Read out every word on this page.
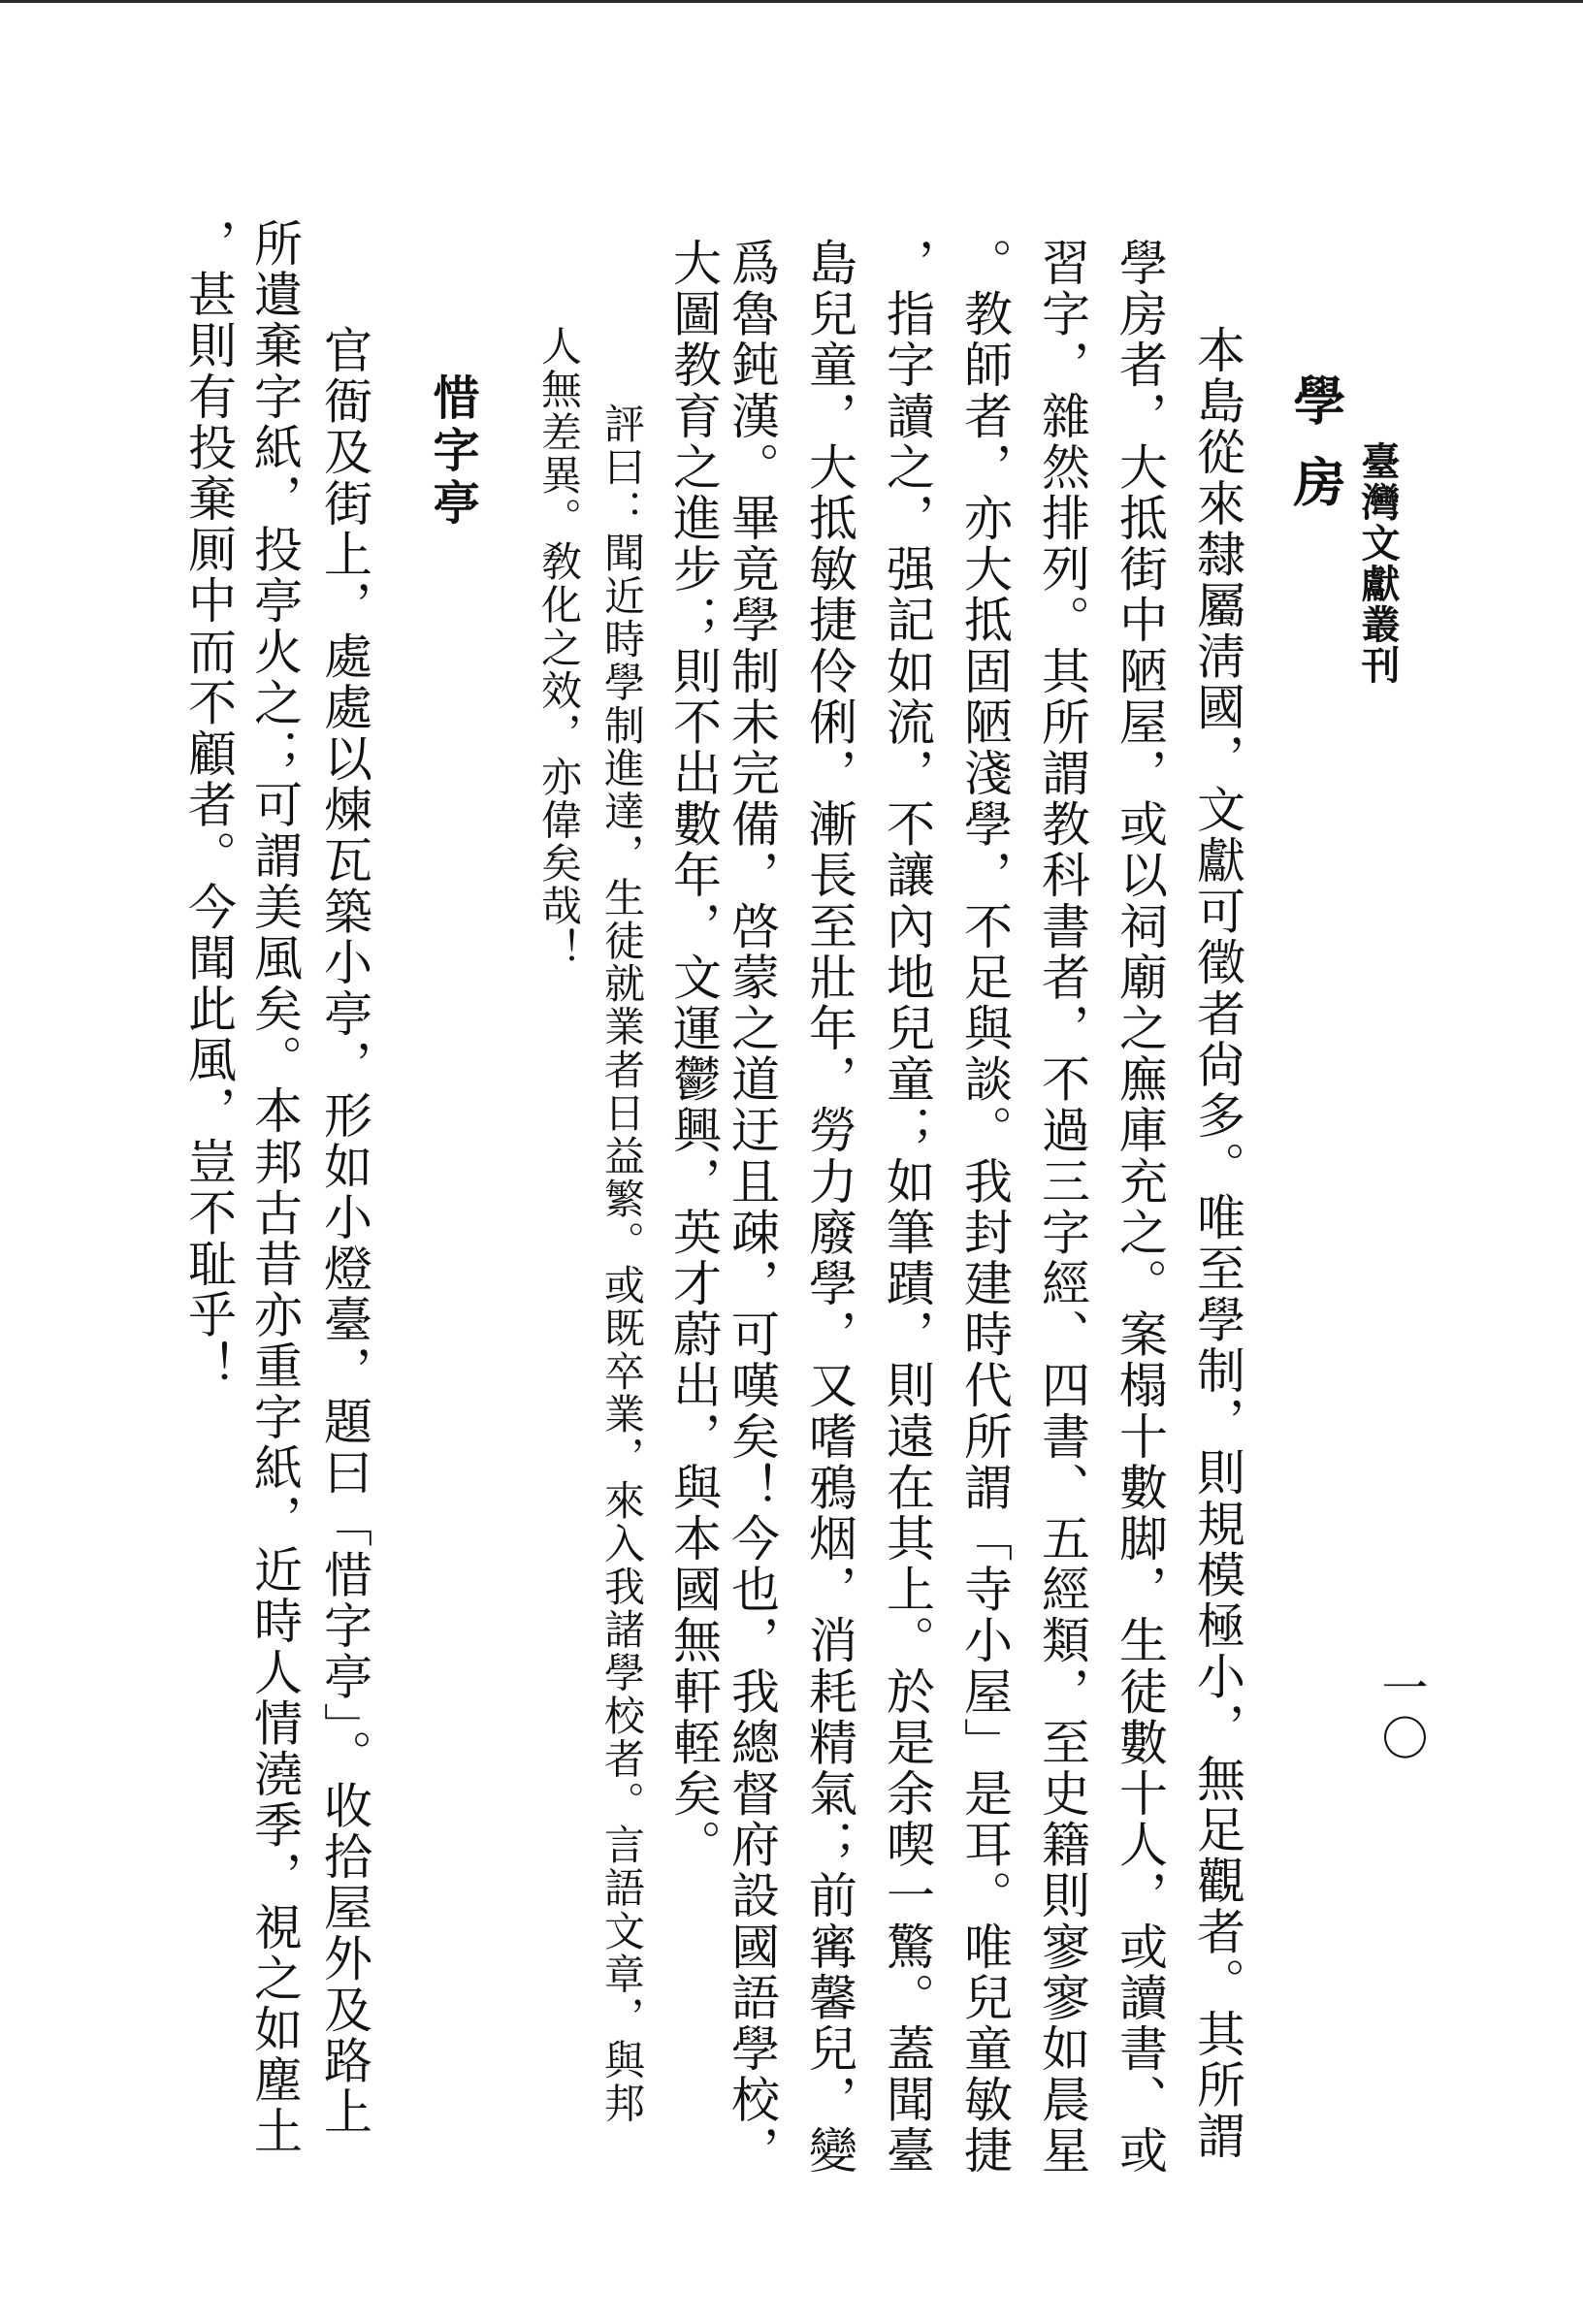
臺灣文獻叢刊
一〇
學房
本島從來隸屬淸國，文獻可徵者尙多。唯至學制，則規模極小，無足觀者。其所謂
學房者，大抵街中陋屋，或以祠廟之廡庫充之。案榻十數脚，生徒數十人，或讀書、或
習字，雜然排列。其所謂教科書者，不過三字經、四書、五經類，至史籍則寥寥如晨星
。教師者，亦大抵固陋淺學，不足與談。我封建時代所謂「寺小屋」是耳。唯兒童敏捷
，指字讀之，强記如流，不讓內地兒童；如筆蹟，則遠在其上。於是余喫一驚。蓋聞臺
島兒童，大抵敏捷伶俐，漸長至壯年，勞力廢學，又嗜鴉烟，消耗精氣；前寗馨兒，變
爲魯鈍漢。畢竟學制未完備，啓蒙之道迂且疎，可嘆矣！今也，我總督府設國語學校，
大圖教育之進步；則不出數年，文運鬱興，英才蔚出，與本國無軒輊矣。
評曰：聞近時學制進達，生徒就業者日益繁。或既卒業，來入我諸學校者。言語文章，與邦
人無差異。敎化之效，亦偉矣哉！
惜字亭
官衙及街上，處處以煉瓦築小亭，形如小燈臺，題曰「惜字亭」。收拾屋外及路上
所遺棄字紙，投亭火之；可謂美風矣。本邦古昔亦重字紙，近時人情澆季，視之如塵土
，甚則有投棄厠中而不顧者。今聞此風，豈不耻乎！
